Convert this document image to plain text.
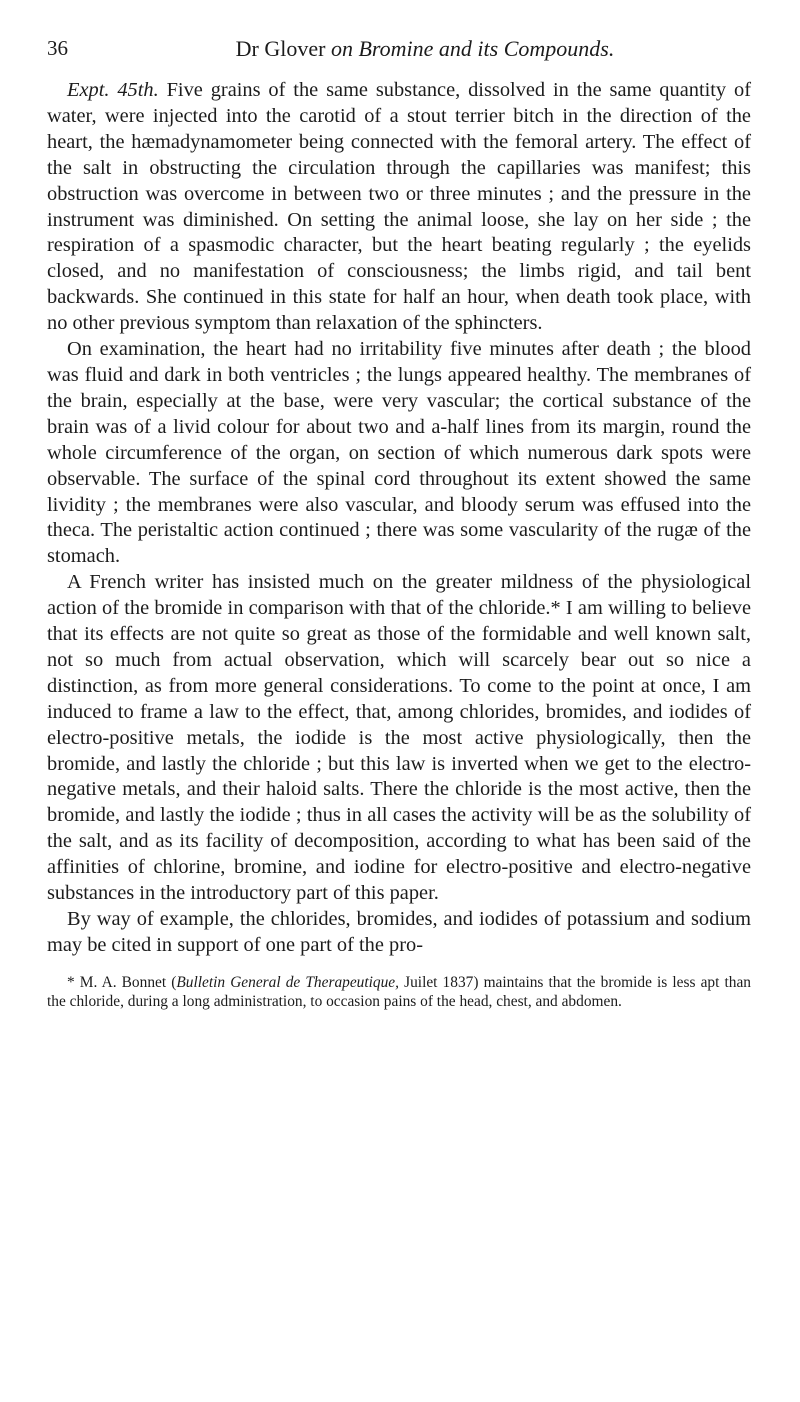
36	Dr Glover on Bromine and its Compounds.

Expt. 45th. Five grains of the same substance, dissolved in the same quantity of water, were injected into the carotid of a stout terrier bitch in the direction of the heart, the hæmadynamometer being connected with the femoral artery. The effect of the salt in obstructing the circulation through the capillaries was manifest; this obstruction was overcome in between two or three minutes ; and the pressure in the instrument was diminished. On setting the animal loose, she lay on her side ; the respiration of a spasmodic character, but the heart beating regularly ; the eyelids closed, and no manifestation of consciousness; the limbs rigid, and tail bent backwards. She continued in this state for half an hour, when death took place, with no other previous symptom than relaxation of the sphincters.

On examination, the heart had no irritability five minutes after death ; the blood was fluid and dark in both ventricles ; the lungs appeared healthy. The membranes of the brain, especially at the base, were very vascular; the cortical substance of the brain was of a livid colour for about two and a-half lines from its margin, round the whole circumference of the organ, on section of which numerous dark spots were observable. The surface of the spinal cord throughout its extent showed the same lividity ; the membranes were also vascular, and bloody serum was effused into the theca. The peristaltic action continued ; there was some vascularity of the rugæ of the stomach.

A French writer has insisted much on the greater mildness of the physiological action of the bromide in comparison with that of the chloride.* I am willing to believe that its effects are not quite so great as those of the formidable and well known salt, not so much from actual observation, which will scarcely bear out so nice a distinction, as from more general considerations. To come to the point at once, I am induced to frame a law to the effect, that, among chlorides, bromides, and iodides of electro-positive metals, the iodide is the most active physiologically, then the bromide, and lastly the chloride ; but this law is inverted when we get to the electro-negative metals, and their haloid salts. There the chloride is the most active, then the bromide, and lastly the iodide ; thus in all cases the activity will be as the solubility of the salt, and as its facility of decomposition, according to what has been said of the affinities of chlorine, bromine, and iodine for electro-positive and electro-negative substances in the introductory part of this paper.

By way of example, the chlorides, bromides, and iodides of potassium and sodium may be cited in support of one part of the pro-

* M. A. Bonnet (Bulletin General de Therapeutique, Juilet 1837) maintains that the bromide is less apt than the chloride, during a long administration, to occasion pains of the head, chest, and abdomen.
